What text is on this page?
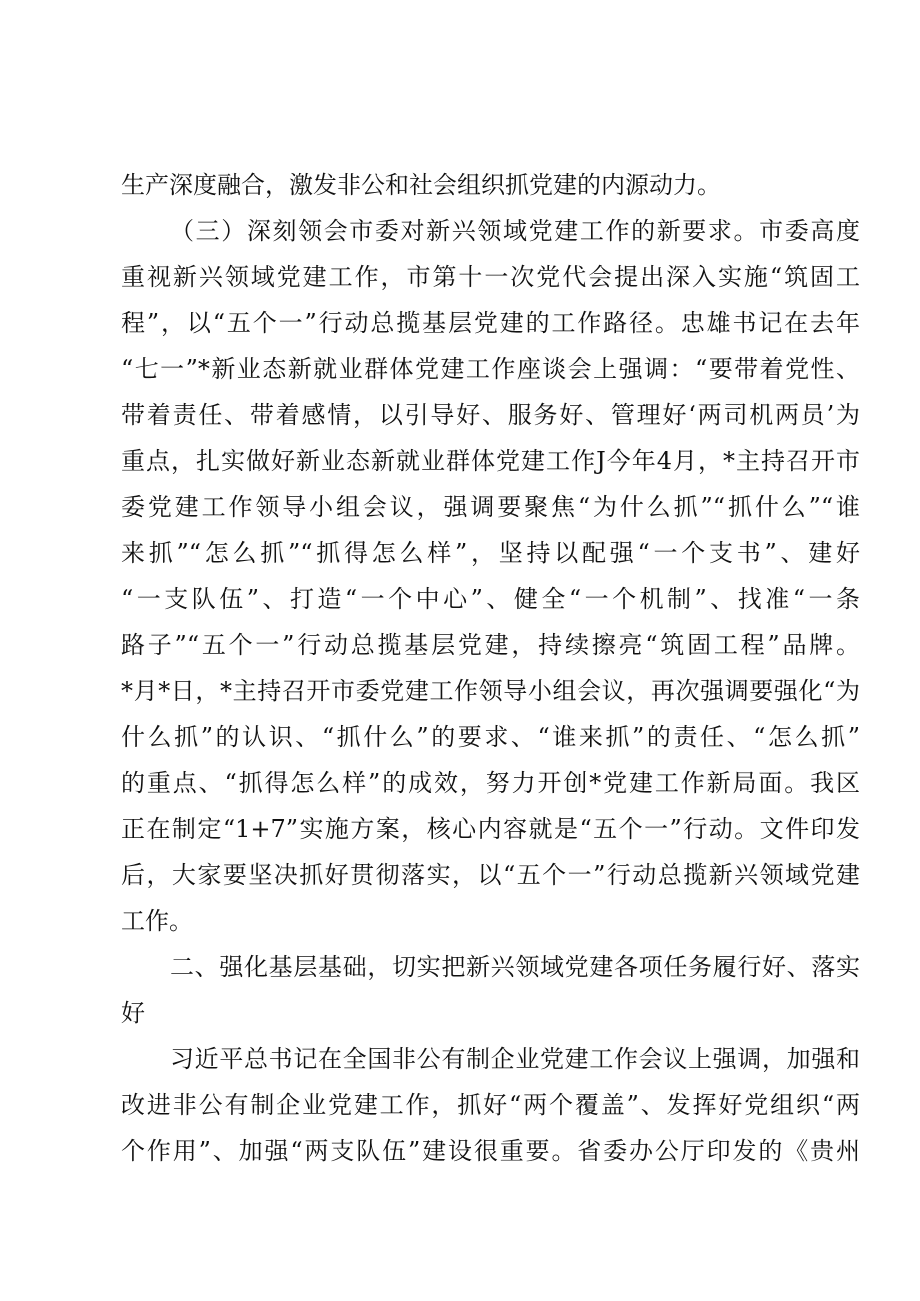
生产深度融合，激发非公和社会组织抓党建的内源动力。

（三）深刻领会市委对新兴领域党建工作的新要求。市委高度

重视新兴领域党建工作，市第十一次党代会提出深入实施“筑固工

程”，以“五个一”行动总揽基层党建的工作路径。忠雄书记在去年

“七一”*新业态新就业群体党建工作座谈会上强调：“要带着党性、

带着责任、带着感情，以引导好、服务好、管理好‘两司机两员’为

重点，扎实做好新业态新就业群体党建工作J今年4月，*主持召开市

委党建工作领导小组会议，强调要聚焦“为什么抓”“抓什么”“谁

来抓”“怎么抓”“抓得怎么样”，坚持以配强“一个支书”、建好

“一支队伍”、打造“一个中心”、健全“一个机制”、找准“一条

路子”“五个一”行动总揽基层党建，持续擦亮“筑固工程”品牌。

*月*日，*主持召开市委党建工作领导小组会议，再次强调要强化“为

什么抓”的认识、“抓什么”的要求、“谁来抓”的责任、“怎么抓”

的重点、“抓得怎么样”的成效，努力开创*党建工作新局面。我区

正在制定“1+7”实施方案，核心内容就是“五个一”行动。文件印发

后，大家要坚决抓好贯彻落实，以“五个一”行动总揽新兴领域党建

工作。

二、强化基层基础，切实把新兴领域党建各项任务履行好、落实

好

习近平总书记在全国非公有制企业党建工作会议上强调，加强和

改进非公有制企业党建工作，抓好“两个覆盖”、发挥好党组织“两

个作用”、加强“两支队伍”建设很重要。省委办公厅印发的《贵州
